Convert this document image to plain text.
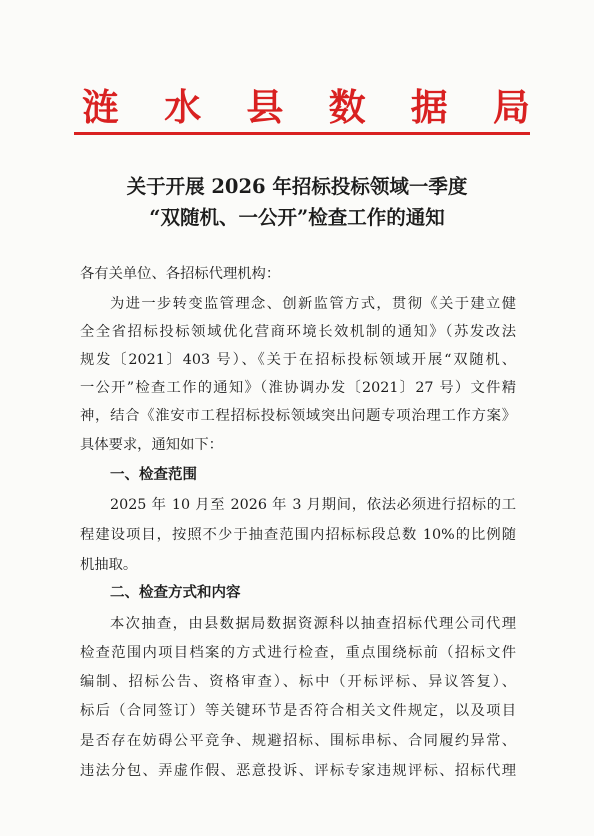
涟 水 县 数 据 局
关于开展 2026 年招标投标领域一季度
“双随机、一公开”检查工作的通知
各有关单位、各招标代理机构：
为进一步转变监管理念、创新监管方式，贯彻《关于建立健
全全省招标投标领域优化营商环境长效机制的通知》（苏发改法
规发〔2021〕403 号）、《关于在招标投标领域开展“双随机、
一公开”检查工作的通知》（淮协调办发〔2021〕27 号）文件精
神，结合《淮安市工程招标投标领域突出问题专项治理工作方案》
具体要求，通知如下：
一、检查范围
2025 年 10 月至 2026 年 3 月期间，依法必须进行招标的工
程建设项目，按照不少于抽查范围内招标标段总数 10%的比例随
机抽取。
二、检查方式和内容
本次抽查，由县数据局数据资源科以抽查招标代理公司代理
检查范围内项目档案的方式进行检查，重点围绕标前（招标文件
编制、招标公告、资格审查）、标中（开标评标、异议答复）、
标后（合同签订）等关键环节是否符合相关文件规定，以及项目
是否存在妨碍公平竞争、规避招标、围标串标、合同履约异常、
违法分包、弄虚作假、恶意投诉、评标专家违规评标、招标代理
